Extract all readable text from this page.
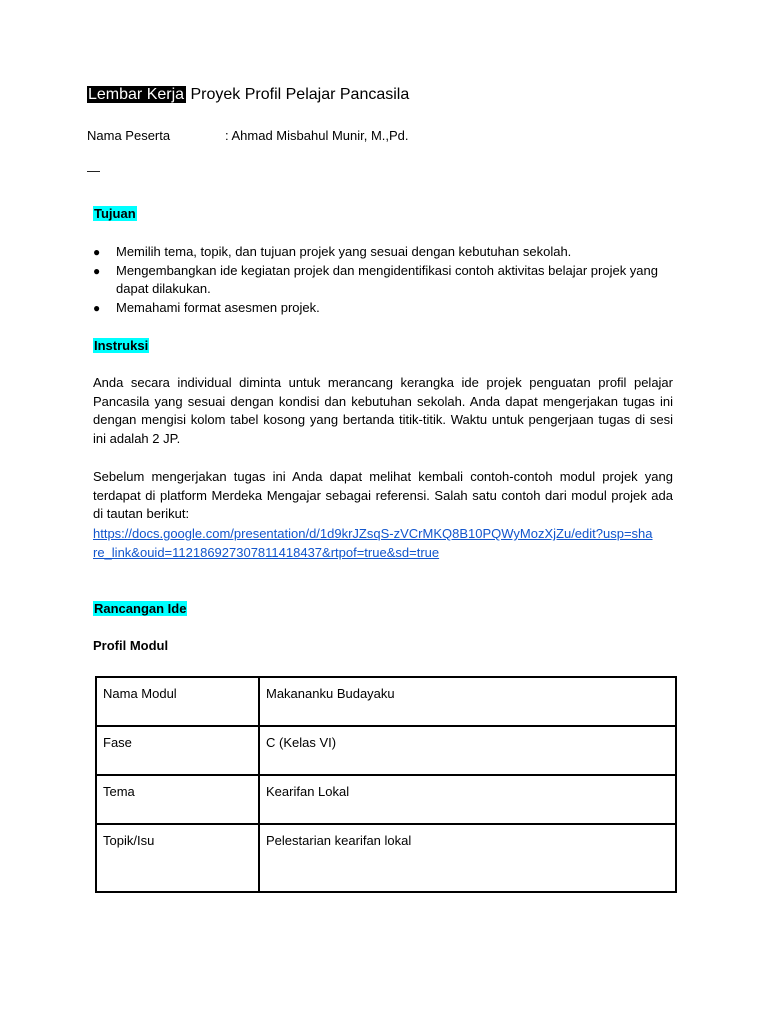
Lembar Kerja Proyek Profil Pelajar Pancasila
Nama Peserta	: Ahmad Misbahul Munir, M.,Pd.
—
Tujuan
●	Memilih tema, topik, dan tujuan projek yang sesuai dengan kebutuhan sekolah.
●	Mengembangkan ide kegiatan projek dan mengidentifikasi contoh aktivitas belajar projek yang dapat dilakukan.
●	Memahami format asesmen projek.
Instruksi
Anda secara individual diminta untuk merancang kerangka ide projek penguatan profil pelajar Pancasila yang sesuai dengan kondisi dan kebutuhan sekolah. Anda dapat mengerjakan tugas ini dengan mengisi kolom tabel kosong yang bertanda titik-titik. Waktu untuk pengerjaan tugas di sesi ini adalah 2 JP.
Sebelum mengerjakan tugas ini Anda dapat melihat kembali contoh-contoh modul projek yang terdapat di platform Merdeka Mengajar sebagai referensi. Salah satu contoh dari modul projek ada di tautan berikut:
https://docs.google.com/presentation/d/1d9krJZsqS-zVCrMKQ8B10PQWyMozXjZu/edit?usp=share_link&ouid=112186927307811418437&rtpof=true&sd=true
Rancangan Ide
Profil Modul
Nama Modul	Makananku Budayaku
Fase	C (Kelas VI)
Tema	Kearifan Lokal
Topik/Isu	Pelestarian kearifan lokal
